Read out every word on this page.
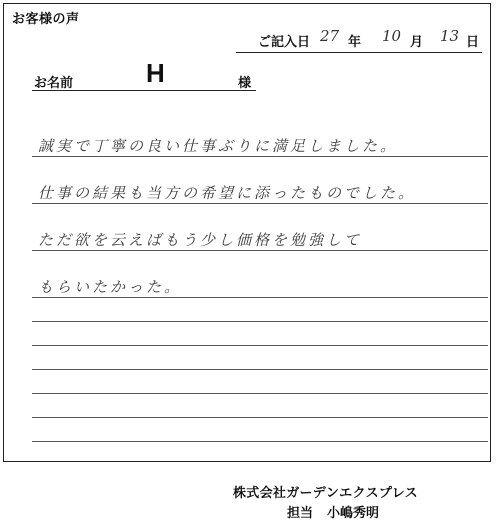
お客様の声
ご記入日 27 年 10 月 13 日
お名前	H	様
誠実で丁寧の良い仕事ぶりに満足しました。
仕事の結果も当方の希望に添ったものでした。
ただ欲を云えばもう少し価格を勉強して
もらいたかった。
株式会社ガーデンエクスプレス
担当 小嶋秀明
